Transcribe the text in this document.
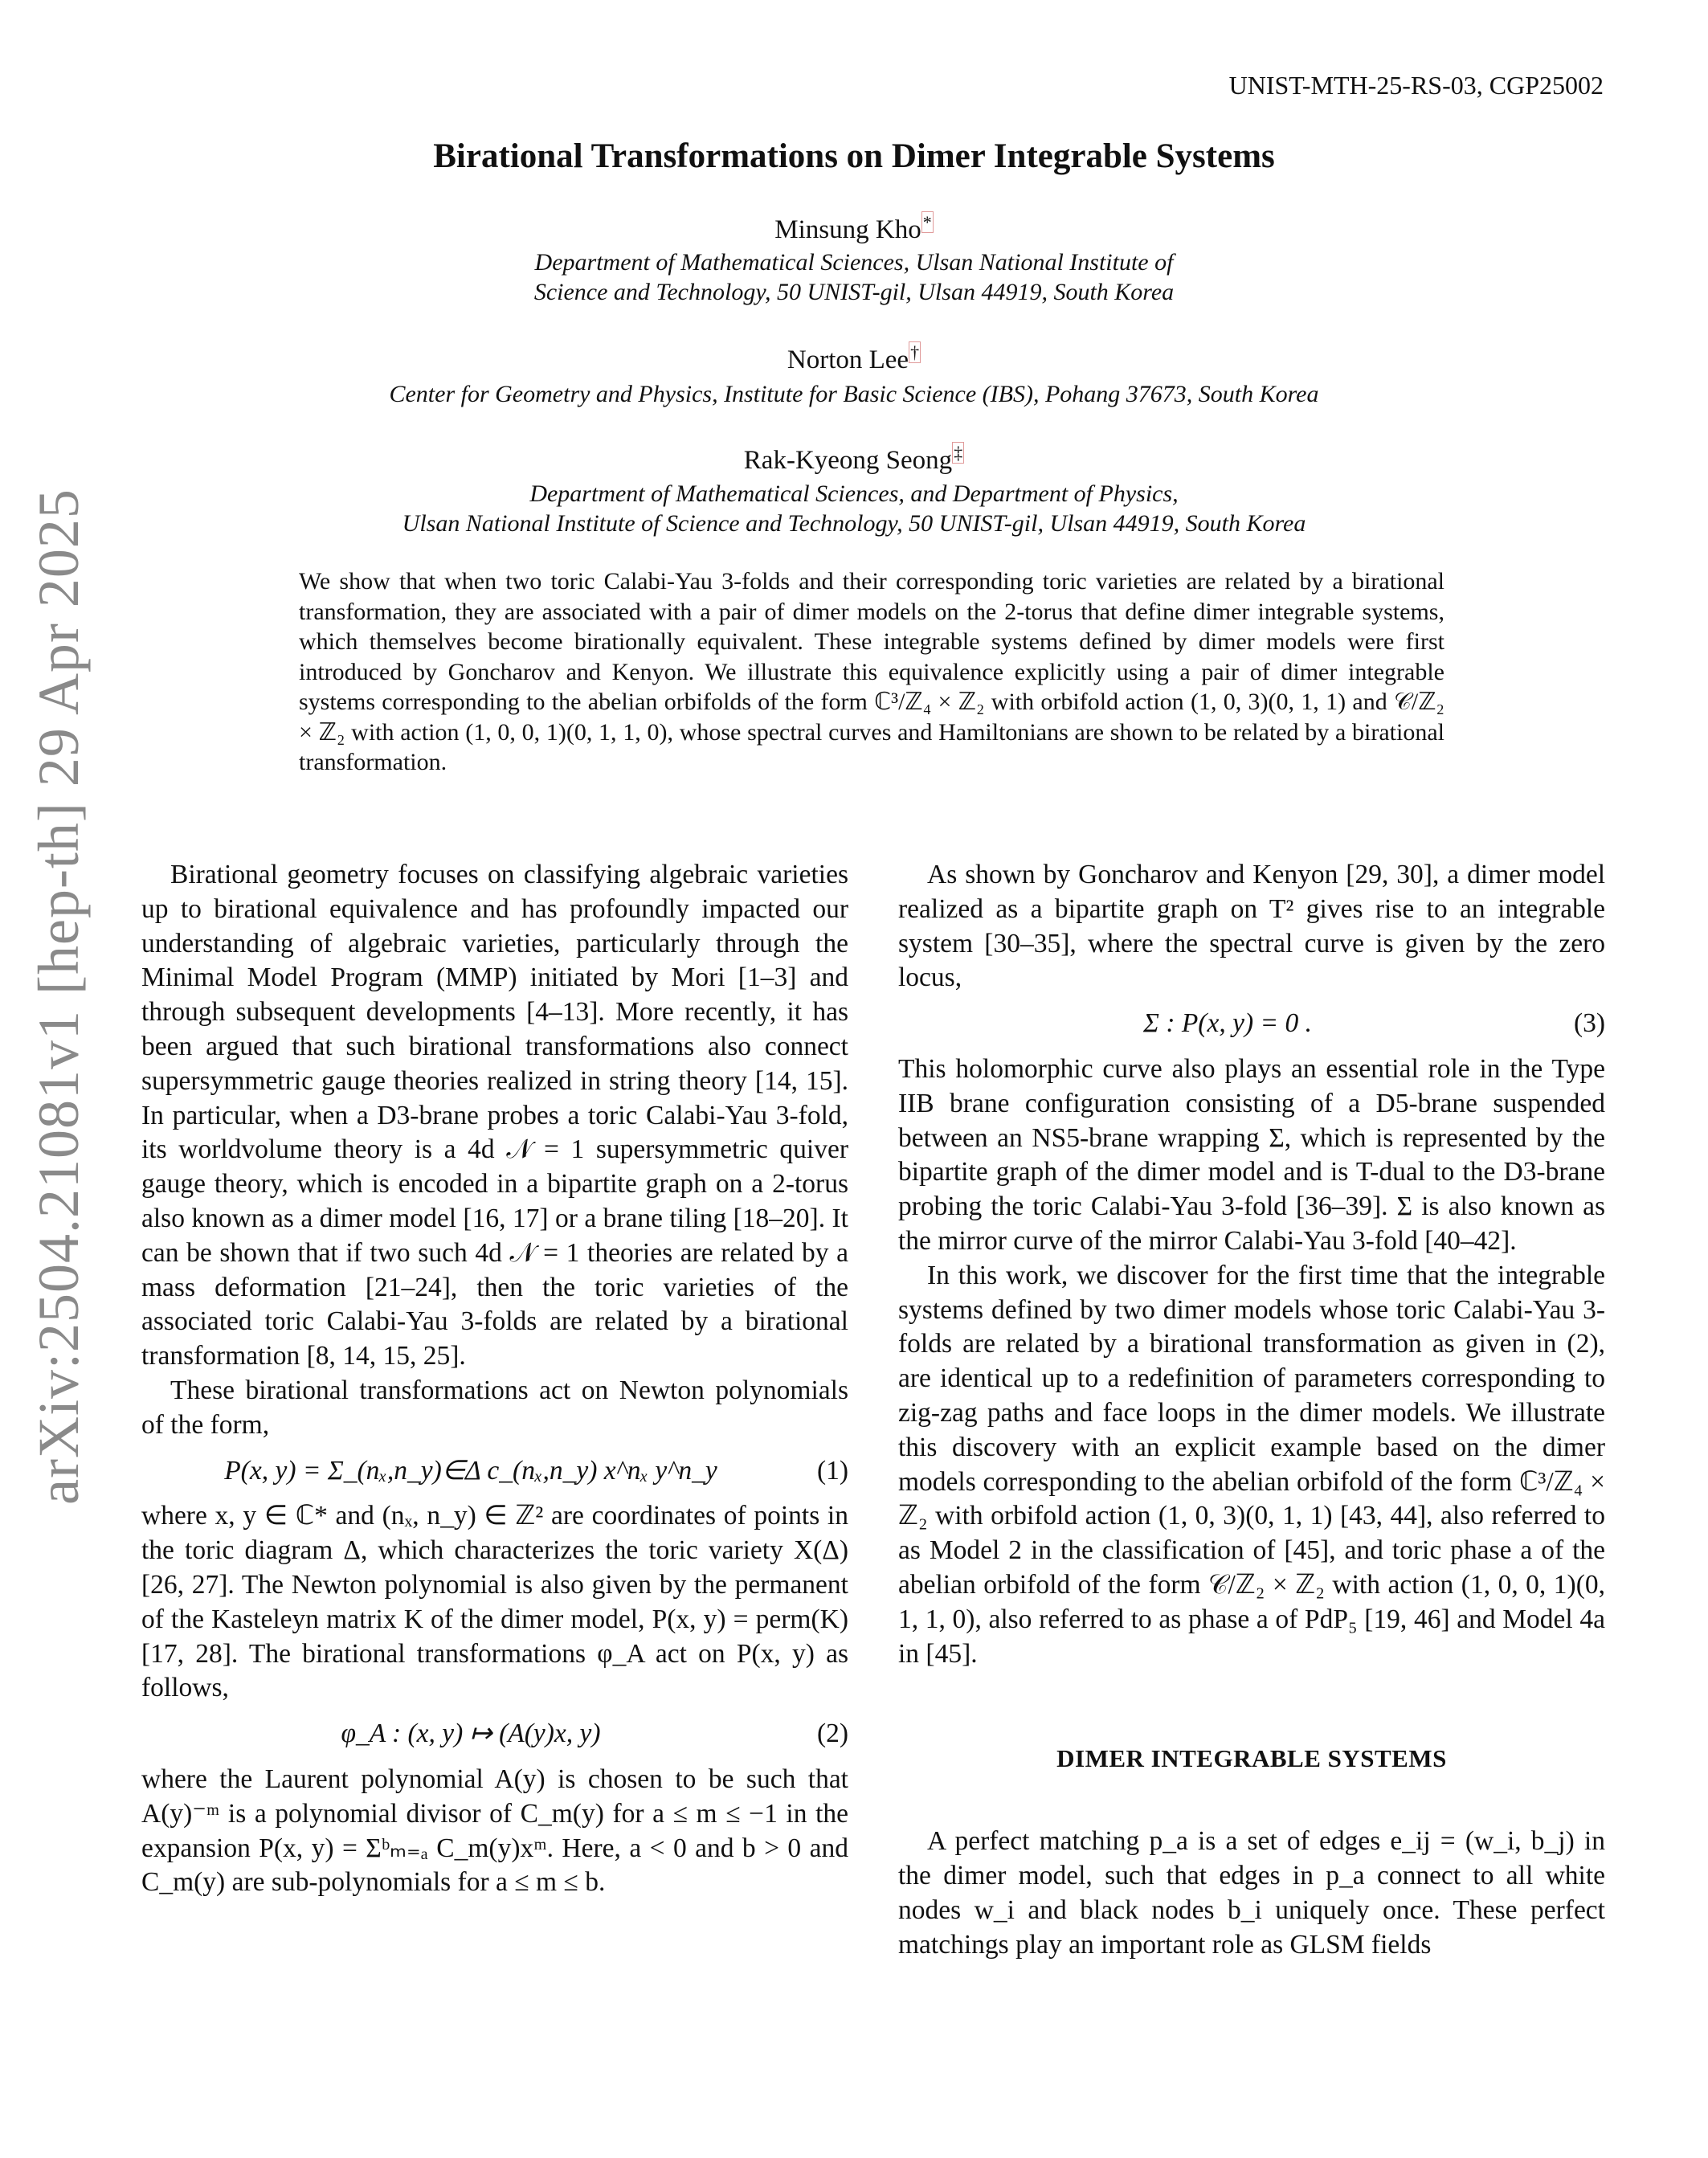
arXiv:2504.21081v1 [hep-th] 29 Apr 2025
UNIST-MTH-25-RS-03, CGP25002
Birational Transformations on Dimer Integrable Systems
Minsung Kho*
Department of Mathematical Sciences, Ulsan National Institute of
Science and Technology, 50 UNIST-gil, Ulsan 44919, South Korea
Norton Lee†
Center for Geometry and Physics, Institute for Basic Science (IBS), Pohang 37673, South Korea
Rak-Kyeong Seong‡
Department of Mathematical Sciences, and Department of Physics,
Ulsan National Institute of Science and Technology, 50 UNIST-gil, Ulsan 44919, South Korea
We show that when two toric Calabi-Yau 3-folds and their corresponding toric varieties are related by a birational transformation, they are associated with a pair of dimer models on the 2-torus that define dimer integrable systems, which themselves become birationally equivalent. These integrable systems defined by dimer models were first introduced by Goncharov and Kenyon. We illustrate this equivalence explicitly using a pair of dimer integrable systems corresponding to the abelian orbifolds of the form ℂ³/ℤ₄ × ℤ₂ with orbifold action (1, 0, 3)(0, 1, 1) and 𝒞/ℤ₂ × ℤ₂ with action (1, 0, 0, 1)(0, 1, 1, 0), whose spectral curves and Hamiltonians are shown to be related by a birational transformation.

Birational geometry focuses on classifying algebraic varieties up to birational equivalence and has profoundly impacted our understanding of algebraic varieties, particularly through the Minimal Model Program (MMP) initiated by Mori [1–3] and through subsequent developments [4–13]. More recently, it has been argued that such birational transformations also connect supersymmetric gauge theories realized in string theory [14, 15]. In particular, when a D3-brane probes a toric Calabi-Yau 3-fold, its worldvolume theory is a 4d 𝒩 = 1 supersymmetric quiver gauge theory, which is encoded in a bipartite graph on a 2-torus also known as a dimer model [16, 17] or a brane tiling [18–20]. It can be shown that if two such 4d 𝒩 = 1 theories are related by a mass deformation [21–24], then the toric varieties of the associated toric Calabi-Yau 3-folds are related by a birational transformation [8, 14, 15, 25].

These birational transformations act on Newton polynomials of the form,

P(x, y) = Σ_(nₓ,n_y)∈Δ c_(nₓ,n_y) x^nₓ y^n_y	(1)

where x, y ∈ ℂ* and (nₓ, n_y) ∈ ℤ² are coordinates of points in the toric diagram Δ, which characterizes the toric variety X(Δ) [26, 27]. The Newton polynomial is also given by the permanent of the Kasteleyn matrix K of the dimer model, P(x, y) = perm(K) [17, 28]. The birational transformations φ_A act on P(x, y) as follows,

φ_A : (x, y) ↦ (A(y)x, y)	(2)

where the Laurent polynomial A(y) is chosen to be such that A(y)⁻ᵐ is a polynomial divisor of C_m(y) for a ≤ m ≤ −1 in the expansion P(x, y) = Σᵇₘ₌ₐ C_m(y)xᵐ. Here, a < 0 and b > 0 and C_m(y) are sub-polynomials for a ≤ m ≤ b.

As shown by Goncharov and Kenyon [29, 30], a dimer model realized as a bipartite graph on T² gives rise to an integrable system [30–35], where the spectral curve is given by the zero locus,

Σ : P(x, y) = 0 .	(3)

This holomorphic curve also plays an essential role in the Type IIB brane configuration consisting of a D5-brane suspended between an NS5-brane wrapping Σ, which is represented by the bipartite graph of the dimer model and is T-dual to the D3-brane probing the toric Calabi-Yau 3-fold [36–39]. Σ is also known as the mirror curve of the mirror Calabi-Yau 3-fold [40–42].

In this work, we discover for the first time that the integrable systems defined by two dimer models whose toric Calabi-Yau 3-folds are related by a birational transformation as given in (2), are identical up to a redefinition of parameters corresponding to zig-zag paths and face loops in the dimer models. We illustrate this discovery with an explicit example based on the dimer models corresponding to the abelian orbifold of the form ℂ³/ℤ₄ × ℤ₂ with orbifold action (1, 0, 3)(0, 1, 1) [43, 44], also referred to as Model 2 in the classification of [45], and toric phase a of the abelian orbifold of the form 𝒞/ℤ₂ × ℤ₂ with action (1, 0, 0, 1)(0, 1, 1, 0), also referred to as phase a of PdP₅ [19, 46] and Model 4a in [45].

DIMER INTEGRABLE SYSTEMS

A perfect matching p_a is a set of edges e_ij = (w_i, b_j) in the dimer model, such that edges in p_a connect to all white nodes w_i and black nodes b_i uniquely once. These perfect matchings play an important role as GLSM fields
